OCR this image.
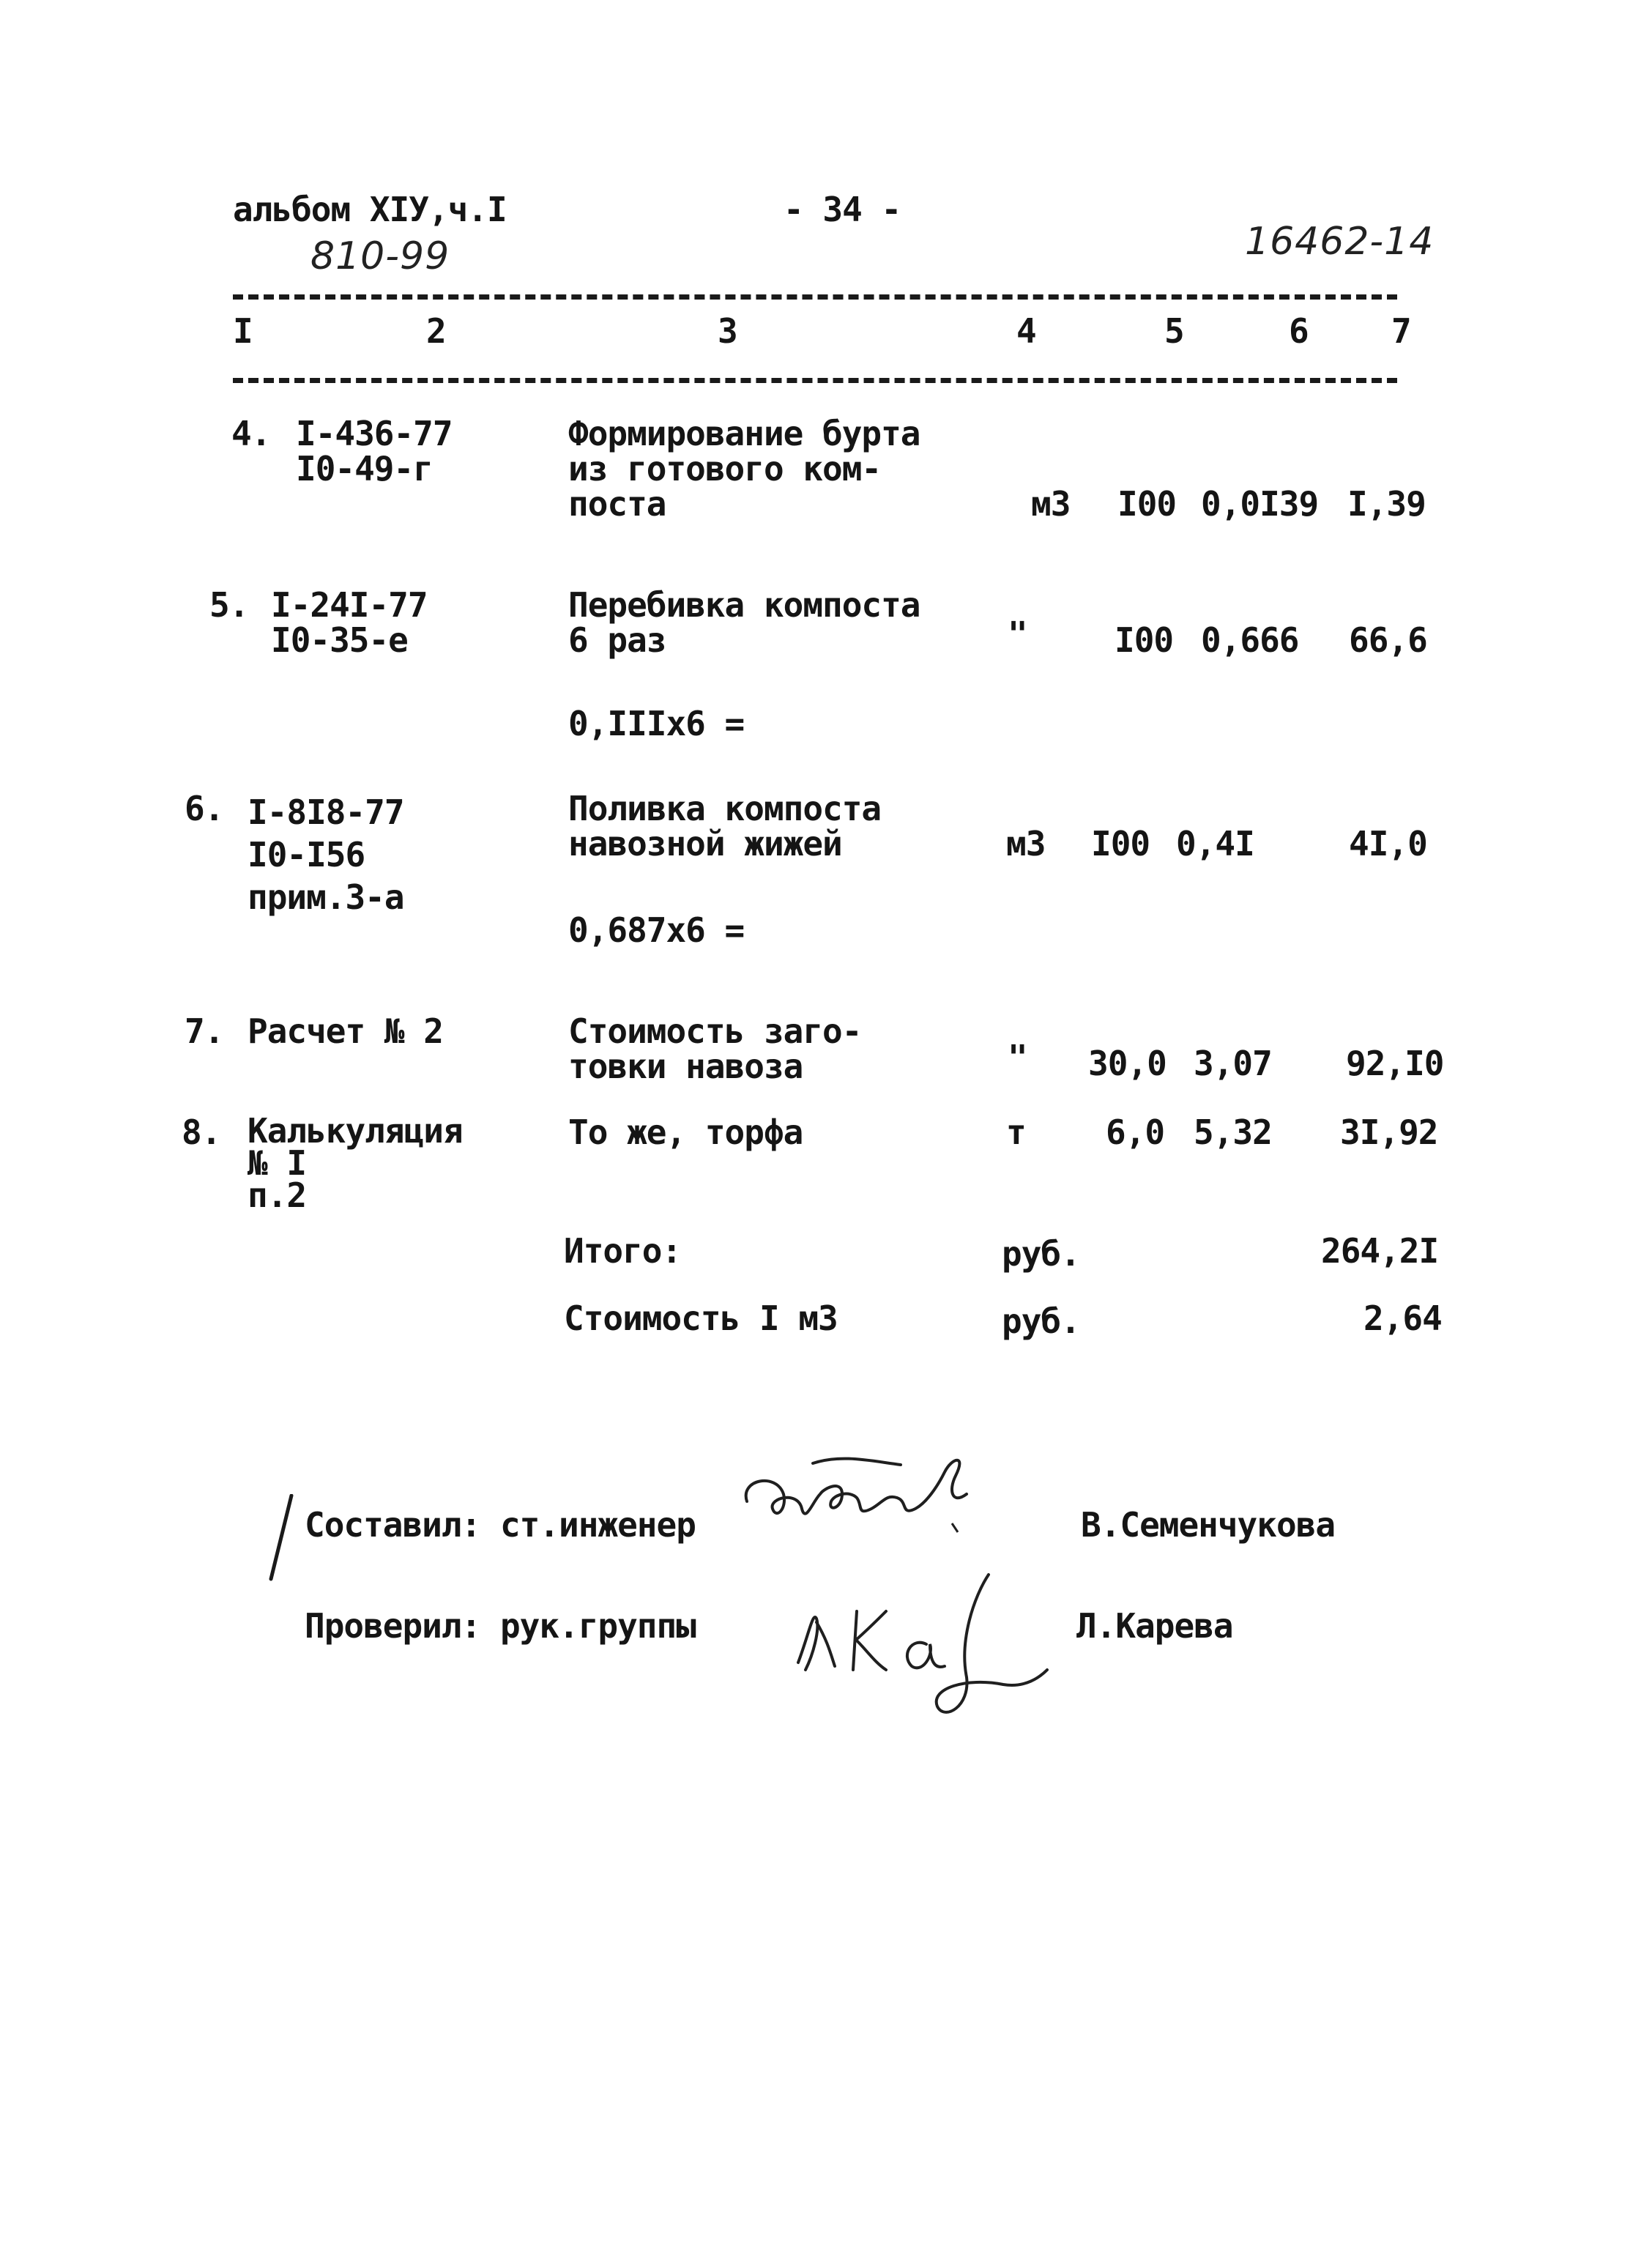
альбом XIУ,ч.I	- 34 -
810-99	16462-14
I	2	3	4	5	6 7
4. I-436-77
I0-49-г
Формирование бурта
из готового ком-
поста	м3 I00 0,0I39 I,39
5. I-24I-77
I0-35-е
Перебивка компоста
6 раз	"	I00 0,666 66,6
0,IIIх6 =
6. I-8I8-77
I0-I56
прим.3-а
Поливка компоста
навозной жижей	м3 I00 0,4I	4I,0
0,687х6 =
7. Расчет № 2	Стоимость заго-
товки навоза	" 30,0 3,07 92,I0
8. Калькуляция
№ I
п.2
То же, торфа	т 6,0 5,32 3I,92
Итого:	руб.	264,2I
Стоимость I м3	руб.	2,64
Составил: ст.инженер	В.Семенчукова
Проверил: рук.группы	Л.Карева
